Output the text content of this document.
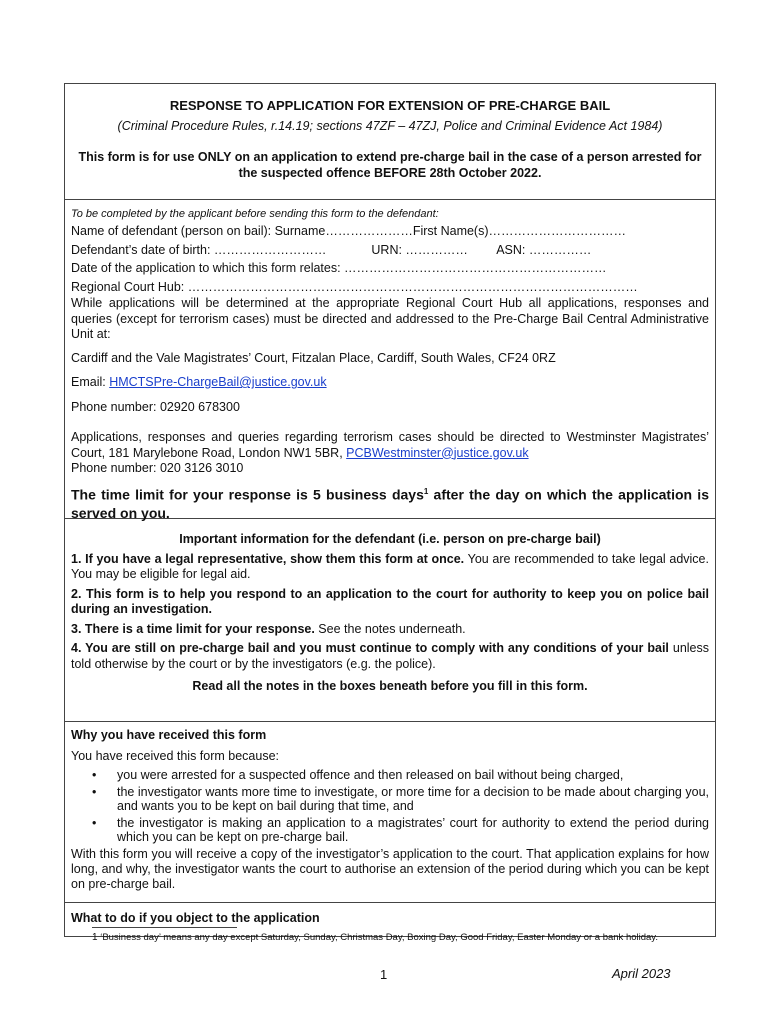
RESPONSE TO APPLICATION FOR EXTENSION OF PRE-CHARGE BAIL

(Criminal Procedure Rules, r.14.19; sections 47ZF – 47ZJ, Police and Criminal Evidence Act 1984)

This form is for use ONLY on an application to extend pre-charge bail in the case of a person arrested for the suspected offence BEFORE 28th October 2022.

To be completed by the applicant before sending this form to the defendant:

Name of defendant (person on bail): Surname…………………First Name(s)……………………………

Defendant’s date of birth: ………………………	URN: …………… ASN: ……………

Date of the application to which this form relates: ………………………………………………………

Regional Court Hub: ………………………………………………………………………………………………

While applications will be determined at the appropriate Regional Court Hub all applications, responses and queries (except for terrorism cases) must be directed and addressed to the Pre-Charge Bail Central Administrative Unit at:

Cardiff and the Vale Magistrates’ Court, Fitzalan Place, Cardiff, South Wales, CF24 0RZ

Email: HMCTSPre-ChargeBail@justice.gov.uk

Phone number: 02920 678300

Applications, responses and queries regarding terrorism cases should be directed to Westminster Magistrates’ Court, 181 Marylebone Road, London NW1 5BR, PCBWestminster@justice.gov.uk
Phone number: 020 3126 3010

The time limit for your response is 5 business days$^1$ after the day on which the application is served on you.

Important information for the defendant (i.e. person on pre-charge bail)

1. If you have a legal representative, show them this form at once. You are recommended to take legal advice. You may be eligible for legal aid.

2. This form is to help you respond to an application to the court for authority to keep you on police bail during an investigation.

3. There is a time limit for your response. See the notes underneath.

4. You are still on pre-charge bail and you must continue to comply with any conditions of your bail unless told otherwise by the court or by the investigators (e.g. the police).

Read all the notes in the boxes beneath before you fill in this form.

Why you have received this form

You have received this form because:

• you were arrested for a suspected offence and then released on bail without being charged,
• the investigator wants more time to investigate, or more time for a decision to be made about charging you, and wants you to be kept on bail during that time, and
• the investigator is making an application to a magistrates’ court for authority to extend the period during which you can be kept on pre-charge bail.

With this form you will receive a copy of the investigator’s application to the court. That application explains for how long, and why, the investigator wants the court to authorise an extension of the period during which you can be kept on pre-charge bail.

What to do if you object to the application
1 ‘Business day’ means any day except Saturday, Sunday, Christmas Day, Boxing Day, Good Friday, Easter Monday or a bank holiday.
1	April 2023
